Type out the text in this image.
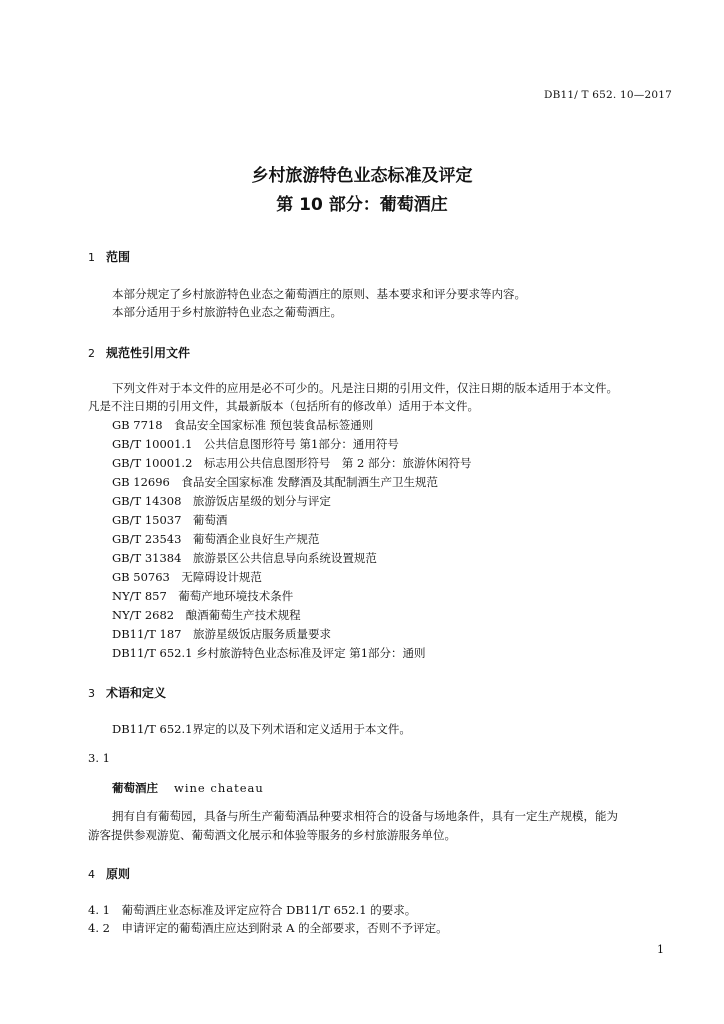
DB11/ T 652. 10—2017
乡村旅游特色业态标准及评定
第 10 部分：葡萄酒庄
1 范围
本部分规定了乡村旅游特色业态之葡萄酒庄的原则、基本要求和评分要求等内容。
本部分适用于乡村旅游特色业态之葡萄酒庄。
2 规范性引用文件
下列文件对于本文件的应用是必不可少的。凡是注日期的引用文件，仅注日期的版本适用于本文件。
凡是不注日期的引用文件，其最新版本（包括所有的修改单）适用于本文件。
GB 7718　食品安全国家标准 预包装食品标签通则
GB/T 10001.1　公共信息图形符号 第1部分：通用符号
GB/T 10001.2　标志用公共信息图形符号　第 2 部分：旅游休闲符号
GB 12696　食品安全国家标准 发酵酒及其配制酒生产卫生规范
GB/T 14308　旅游饭店星级的划分与评定
GB/T 15037　葡萄酒
GB/T 23543　葡萄酒企业良好生产规范
GB/T 31384　旅游景区公共信息导向系统设置规范
GB 50763　无障碍设计规范
NY/T 857　葡萄产地环境技术条件
NY/T 2682　酿酒葡萄生产技术规程
DB11/T 187　旅游星级饭店服务质量要求
DB11/T 652.1 乡村旅游特色业态标准及评定 第1部分：通则
3 术语和定义
DB11/T 652.1界定的以及下列术语和定义适用于本文件。
3. 1
葡萄酒庄 wine chateau
拥有自有葡萄园，具备与所生产葡萄酒品种要求相符合的设备与场地条件，具有一定生产规模，能为
游客提供参观游览、葡萄酒文化展示和体验等服务的乡村旅游服务单位。
4 原则
4. 1　 葡萄酒庄业态标准及评定应符合 DB11/T 652.1 的要求。
4. 2　 申请评定的葡萄酒庄应达到附录 A 的全部要求，否则不予评定。
1
